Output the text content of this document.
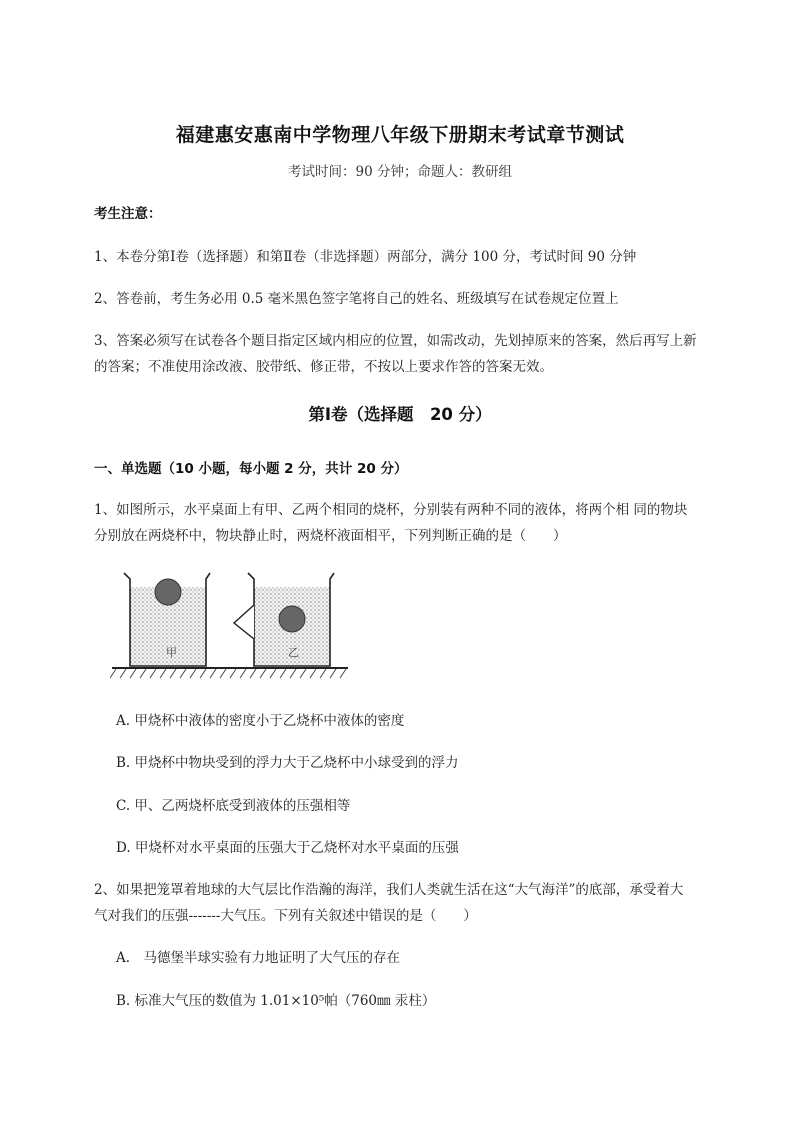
福建惠安惠南中学物理八年级下册期末考试章节测试
考试时间：90 分钟；命题人：教研组
考生注意：
1、本卷分第Ⅰ卷（选择题）和第Ⅱ卷（非选择题）两部分，满分 100 分，考试时间 90 分钟
2、答卷前，考生务必用 0.5 毫米黑色签字笔将自己的姓名、班级填写在试卷规定位置上
3、答案必须写在试卷各个题目指定区域内相应的位置，如需改动，先划掉原来的答案，然后再写上新
的答案；不准使用涂改液、胶带纸、修正带，不按以上要求作答的答案无效。
第Ⅰ卷（选择题　20 分）
一、单选题（10 小题，每小题 2 分，共计 20 分）
1、如图所示，水平桌面上有甲、乙两个相同的烧杯，分别装有两种不同的液体，将两个相 同的物块
分别放在两烧杯中，物块静止时，两烧杯液面相平，下列判断正确的是（　　）
甲	乙
A. 甲烧杯中液体的密度小于乙烧杯中液体的密度
B. 甲烧杯中物块受到的浮力大于乙烧杯中小球受到的浮力
C. 甲、乙两烧杯底受到液体的压强相等
D. 甲烧杯对水平桌面的压强大于乙烧杯对水平桌面的压强
2、如果把笼罩着地球的大气层比作浩瀚的海洋，我们人类就生活在这“大气海洋”的底部，承受着大
气对我们的压强-------大气压。下列有关叙述中错误的是（　　）
A.　马德堡半球实验有力地证明了大气压的存在
B. 标准大气压的数值为 1.01×10⁵帕（760㎜ 汞柱）
